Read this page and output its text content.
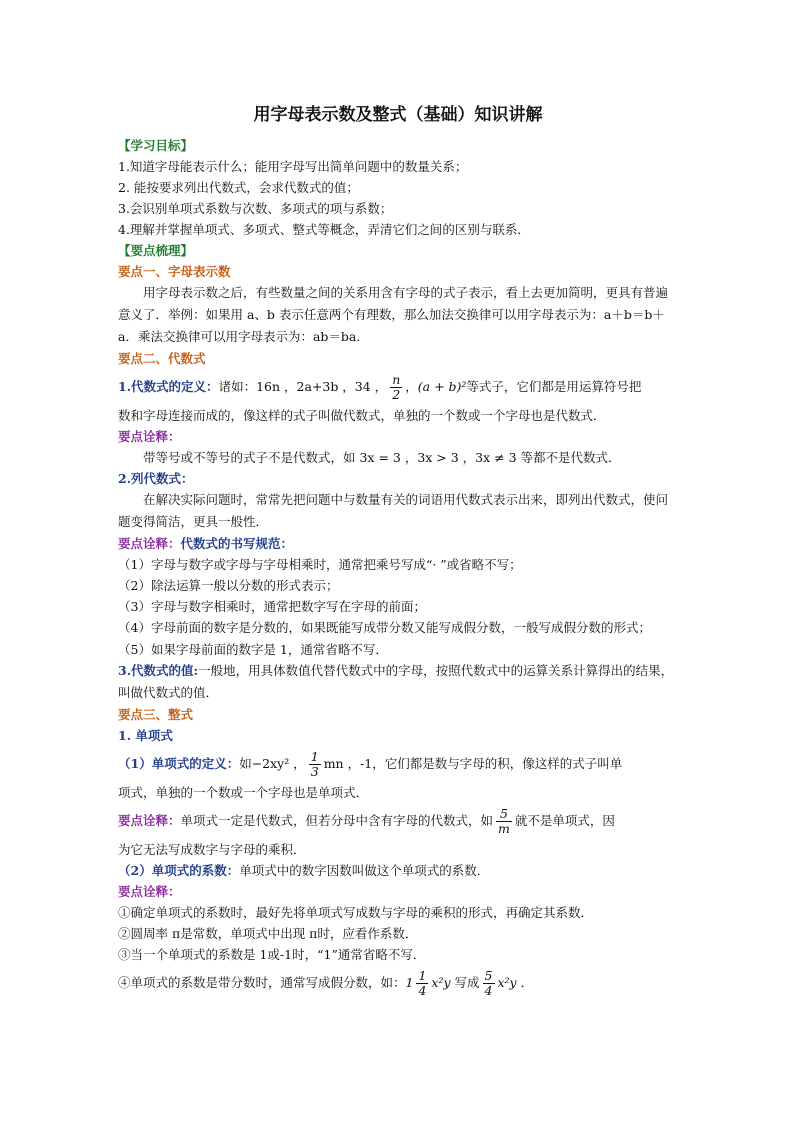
用字母表示数及整式（基础）知识讲解
【学习目标】
1.知道字母能表示什么；能用字母写出简单问题中的数量关系；
2. 能按要求列出代数式，会求代数式的值；
3.会识别单项式系数与次数、多项式的项与系数；
4.理解并掌握单项式、多项式、整式等概念，弄清它们之间的区别与联系．
【要点梳理】
要点一、字母表示数
用字母表示数之后，有些数量之间的关系用含有字母的式子表示，看上去更加简明，更具有普遍意义了．举例：如果用 a、b 表示任意两个有理数，那么加法交换律可以用字母表示为：a＋b＝b＋a．乘法交换律可以用字母表示为：ab＝ba．
要点二、代数式
1.代数式的定义：诸如：16n ，2a+3b ，34 ， $\frac{n}{2}$ ，(a + b)²等式子，它们都是用运算符号把
数和字母连接而成的，像这样的式子叫做代数式，单独的一个数或一个字母也是代数式．
要点诠释：
带等号或不等号的式子不是代数式，如 3x = 3 ，3x > 3 ，3x ≠ 3 等都不是代数式．
2.列代数式：
在解决实际问题时，常常先把问题中与数量有关的词语用代数式表示出来，即列出代数式，使问题变得简洁，更具一般性．
要点诠释：代数式的书写规范：
（1）字母与数字或字母与字母相乘时，通常把乘号写成“· ”或省略不写；
（2）除法运算一般以分数的形式表示；
（3）字母与数字相乘时，通常把数字写在字母的前面；
（4）字母前面的数字是分数的，如果既能写成带分数又能写成假分数，一般写成假分数的形式；
（5）如果字母前面的数字是 1，通常省略不写．
3.代数式的值:一般地，用具体数值代替代数式中的字母，按照代数式中的运算关系计算得出的结果，叫做代数式的值．
要点三、整式
1. 单项式
（1）单项式的定义：如−2xy² ， $\frac{1}{3}$ mn ，-1，它们都是数与字母的积，像这样的式子叫单
项式，单独的一个数或一个字母也是单项式．
要点诠释：单项式一定是代数式，但若分母中含有字母的代数式，如 $\frac{5}{m}$ 就不是单项式，因
为它无法写成数字与字母的乘积．
（2）单项式的系数：单项式中的数字因数叫做这个单项式的系数．
要点诠释：
①确定单项式的系数时，最好先将单项式写成数与字母的乘积的形式，再确定其系数．
②圆周率 π是常数，单项式中出现 π时，应看作系数．
③当一个单项式的系数是 1或-1时，“1”通常省略不写．
④单项式的系数是带分数时，通常写成假分数，如：$1 \frac{1}{4} x^2y$ 写成 $\frac{5}{4} x^2y$ ．
